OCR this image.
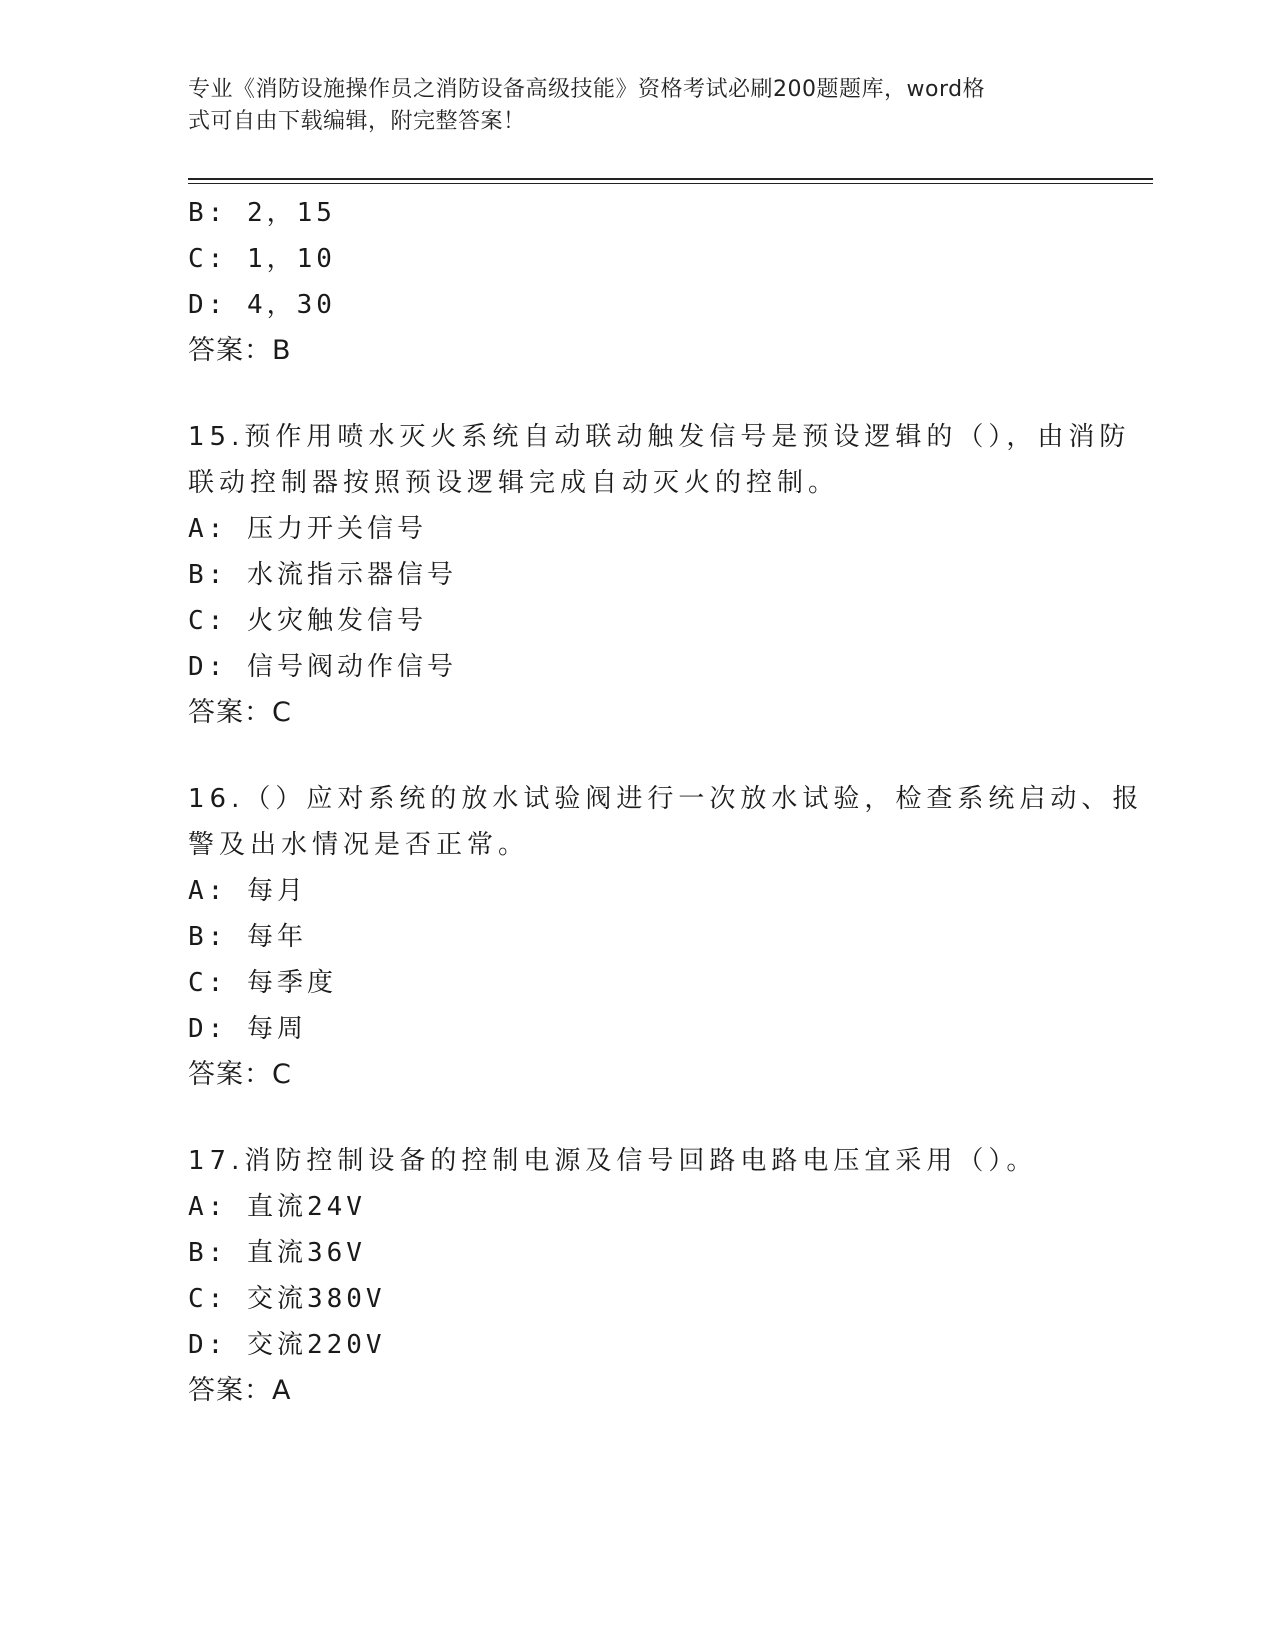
专业《消防设施操作员之消防设备高级技能》资格考试必刷200题题库，word格
式可自由下载编辑，附完整答案！
B: 2，15
C: 1，10
D: 4，30
答案：B
15.预作用喷水灭火系统自动联动触发信号是预设逻辑的（），由消防
联动控制器按照预设逻辑完成自动灭火的控制。
A: 压力开关信号
B: 水流指示器信号
C: 火灾触发信号
D: 信号阀动作信号
答案：C
16.（）应对系统的放水试验阀进行一次放水试验，检查系统启动、报
警及出水情况是否正常。
A: 每月
B: 每年
C: 每季度
D: 每周
答案：C
17.消防控制设备的控制电源及信号回路电路电压宜采用（）。
A: 直流24V
B: 直流36V
C: 交流380V
D: 交流220V
答案：A
